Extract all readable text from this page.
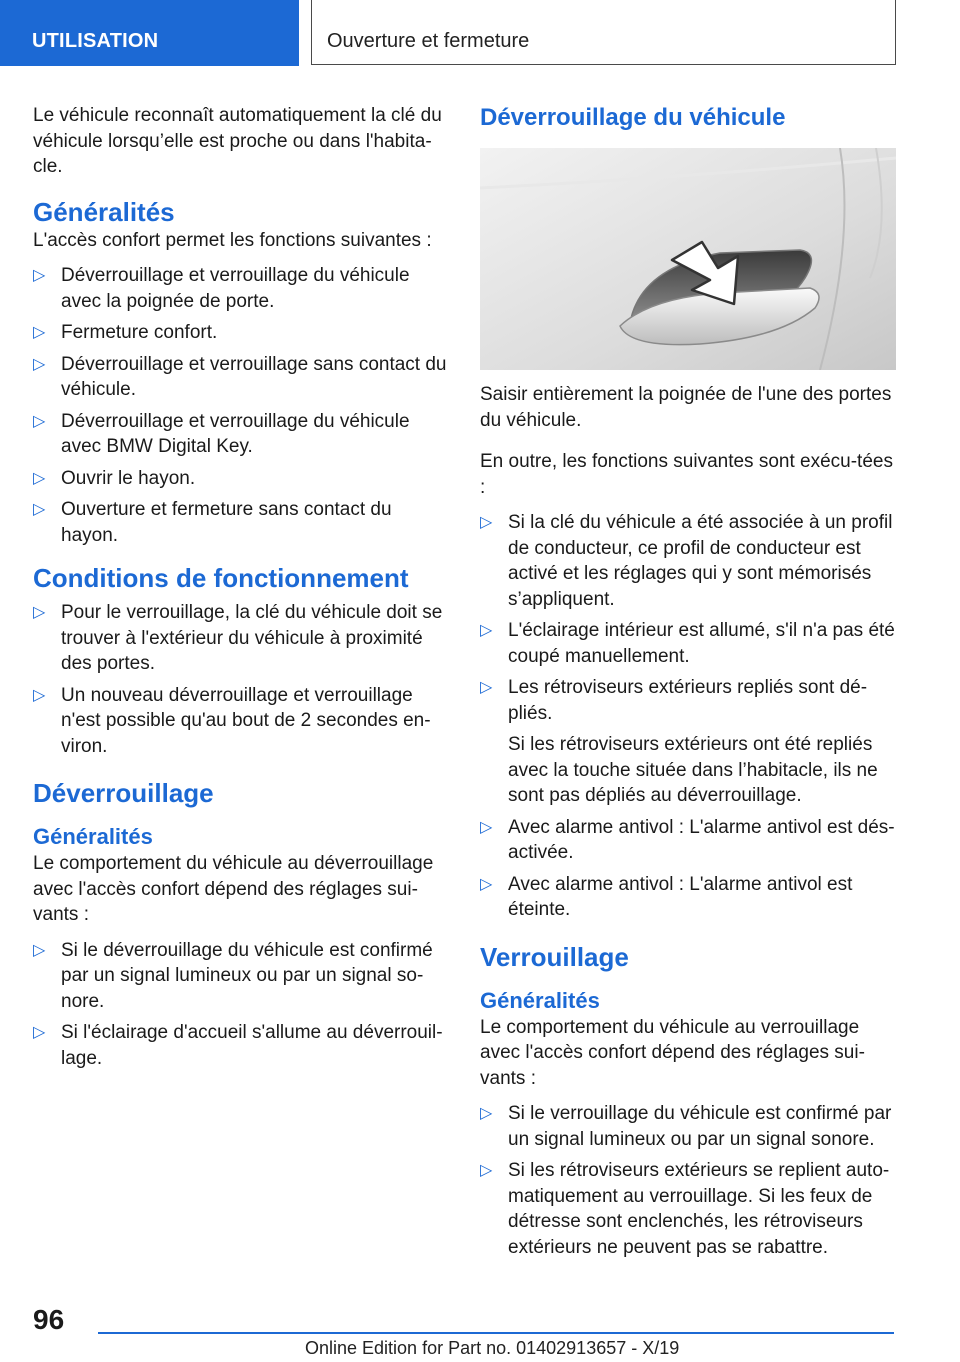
UTILISATION	Ouverture et fermeture

Le véhicule reconnaît automatiquement la clé du véhicule lorsqu’elle est proche ou dans l'habita-cle.

Généralités

L'accès confort permet les fonctions suivantes :

▷ Déverrouillage et verrouillage du véhicule avec la poignée de porte.
▷ Fermeture confort.
▷ Déverrouillage et verrouillage sans contact du véhicule.
▷ Déverrouillage et verrouillage du véhicule avec BMW Digital Key.
▷ Ouvrir le hayon.
▷ Ouverture et fermeture sans contact du hayon.
Conditions de fonctionnement
▷ Pour le verrouillage, la clé du véhicule doit se trouver à l'extérieur du véhicule à proximité des portes.
▷ Un nouveau déverrouillage et verrouillage n'est possible qu'au bout de 2 secondes en-viron.
Déverrouillage
Généralités

Le comportement du véhicule au déverrouillage avec l'accès confort dépend des réglages sui-vants :

▷ Si le déverrouillage du véhicule est confirmé par un signal lumineux ou par un signal so-nore.
▷ Si l'éclairage d'accueil s'allume au déverrouil-lage.
Déverrouillage du véhicule

Saisir entièrement la poignée de l'une des portes du véhicule.

En outre, les fonctions suivantes sont exécu-tées :

▷ Si la clé du véhicule a été associée à un profil de conducteur, ce profil de conducteur est activé et les réglages qui y sont mémorisés s’appliquent.
▷ L'éclairage intérieur est allumé, s'il n'a pas été coupé manuellement.
▷ Les rétroviseurs extérieurs repliés sont dé-pliés.
Si les rétroviseurs extérieurs ont été repliés avec la touche située dans l’habitacle, ils ne sont pas dépliés au déverrouillage.
▷ Avec alarme antivol : L'alarme antivol est dés-activée.
▷ Avec alarme antivol : L'alarme antivol est éteinte.
Verrouillage
Généralités

Le comportement du véhicule au verrouillage avec l'accès confort dépend des réglages sui-vants :

▷ Si le verrouillage du véhicule est confirmé par un signal lumineux ou par un signal sonore.
▷ Si les rétroviseurs extérieurs se replient auto-matiquement au verrouillage. Si les feux de détresse sont enclenchés, les rétroviseurs extérieurs ne peuvent pas se rabattre.
96
Online Edition for Part no. 01402913657 - X/19
